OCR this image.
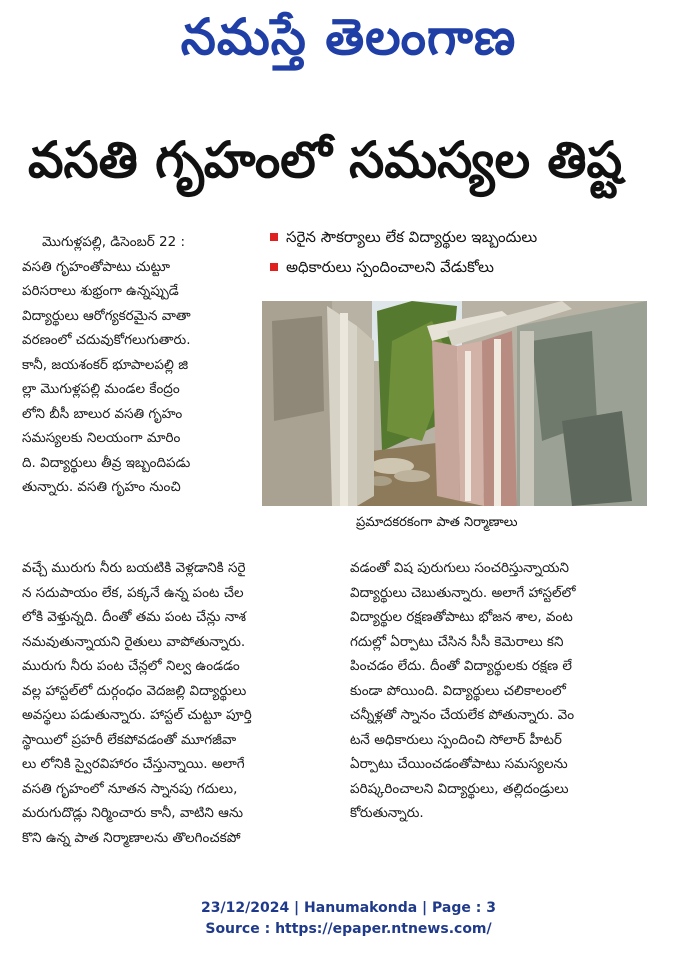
నమస్తే తెలంగాణ
వసతి గృహంలో సమస్యల తిష్ట
సరైన సౌకర్యాలు లేక విద్యార్థుల ఇబ్బందులు
అధికారులు స్పందించాలని వేడుకోలు
ప్రమాదకరకంగా పాత నిర్మాణాలు
మొగుళ్లపల్లి, డిసెంబర్ 22 :
వసతి గృహంతోపాటు చుట్టూ
పరిసరాలు శుభ్రంగా ఉన్నప్పుడే
విద్యార్థులు ఆరోగ్యకరమైన వాతా
వరణంలో చదువుకోగలుగుతారు.
కానీ, జయశంకర్ భూపాలపల్లి జి
ల్లా మొగుళ్లపల్లి మండల కేంద్రం
లోని బీసీ బాలుర వసతి గృహం
సమస్యలకు నిలయంగా మారిం
ది. విద్యార్థులు తీవ్ర ఇబ్బందిపడు
తున్నారు. వసతి గృహం నుంచి
వచ్చే మురుగు నీరు బయటికి వెళ్లడానికి సరై
న సదుపాయం లేక, పక్కనే ఉన్న పంట చేల
లోకి వెళ్తున్నది. దీంతో తమ పంట చేన్లు నాశ
నమవుతున్నాయని రైతులు వాపోతున్నారు.
మురుగు నీరు పంట చేన్లలో నిల్వ ఉండడం
వల్ల హాస్టల్‌లో దుర్గంధం వెదజల్లి విద్యార్థులు
అవస్థలు పడుతున్నారు. హాస్టల్ చుట్టూ పూర్తి
స్థాయిలో ప్రహరీ లేకపోవడంతో మూగజీవా
లు లోనికి స్వైరవిహారం చేస్తున్నాయి. అలాగే
వసతి గృహంలో నూతన స్నానపు గదులు,
మరుగుదొడ్లు నిర్మించారు కానీ, వాటిని ఆను
కొని ఉన్న పాత నిర్మాణాలను తొలగించకపో
వడంతో విష పురుగులు సంచరిస్తున్నాయని
విద్యార్థులు చెబుతున్నారు. అలాగే హాస్టల్‌లో
విద్యార్థుల రక్షణతోపాటు భోజన శాల, వంట
గదుల్లో ఏర్పాటు చేసిన సీసీ కెమెరాలు కని
పించడం లేదు. దీంతో విద్యార్థులకు రక్షణ లే
కుండా పోయింది. విద్యార్థులు చలికాలంలో
చన్నీళ్లతో స్నానం చేయలేక పోతున్నారు. వెం
టనే అధికారులు స్పందించి సోలార్ హీటర్
ఏర్పాటు చేయించడంతోపాటు సమస్యలను
పరిష్కరించాలని విద్యార్థులు, తల్లిదండ్రులు
కోరుతున్నారు.
23/12/2024 | Hanumakonda | Page : 3
Source : https://epaper.ntnews.com/
